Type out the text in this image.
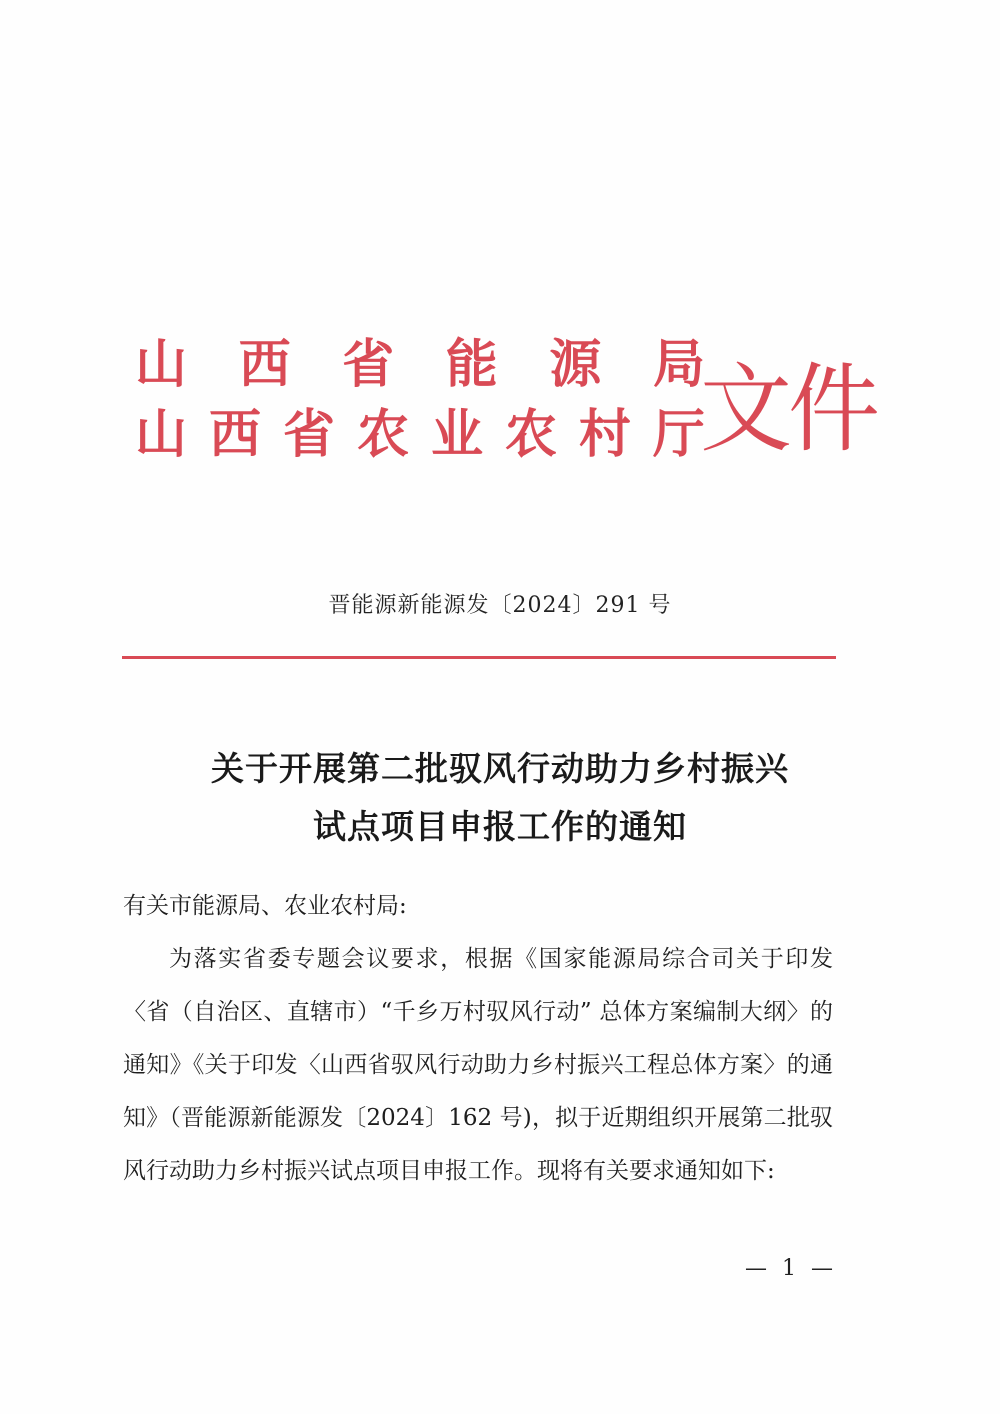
山 西 省 能 源 局
山 西 省 农 业 农 村 厅
文件
晋能源新能源发〔2024〕291 号
关于开展第二批驭风行动助力乡村振兴
试点项目申报工作的通知
有关市能源局、农业农村局:

为落实省委专题会议要求，根据《国家能源局综合司关于印发〈省（自治区、直辖市）“千乡万村驭风行动” 总体方案编制大纲〉的通知》《关于印发〈山西省驭风行动助力乡村振兴工程总体方案〉的通知》（晋能源新能源发〔2024〕162 号)，拟于近期组织开展第二批驭风行动助力乡村振兴试点项目申报工作。现将有关要求通知如下:

— 1 —
